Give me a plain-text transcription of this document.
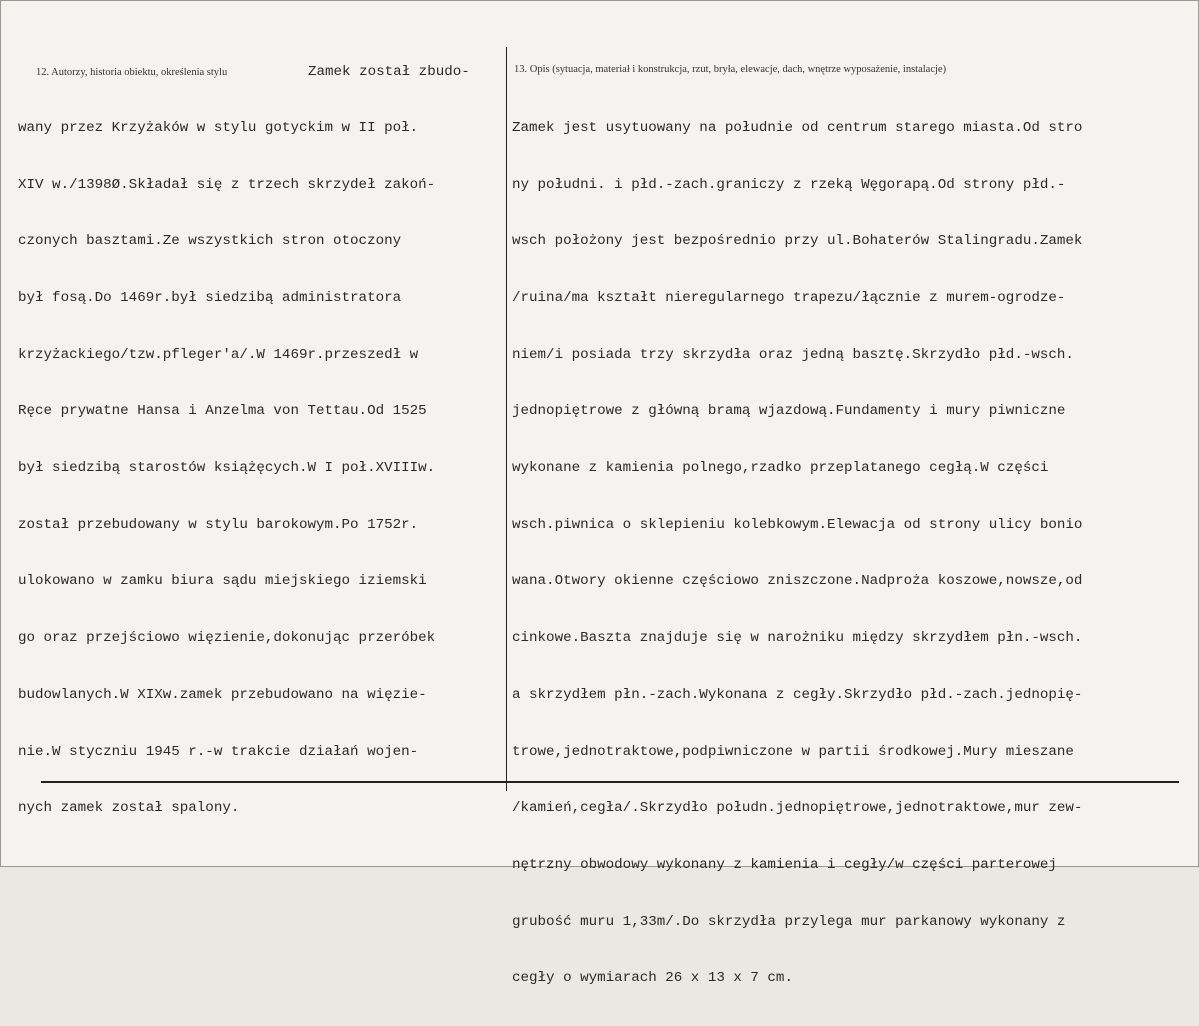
12. Autorzy, historia obiektu, określenia stylu	Zamek został zbudo-

wany przez Krzyżaków w stylu gotyckim w II poł.

XIV w./1398Ø.Składał się z trzech skrzydeł zakoń-

czonych basztami.Ze wszystkich stron otoczony

był fosą.Do 1469r.był siedzibą administratora

krzyżackiego/tzw.pfleger'a/.W 1469r.przeszedł w

Ręce prywatne Hansa i Anzelma von Tettau.Od 1525

był siedzibą starostów książęcych.W I poł.XVIIIw.

został przebudowany w stylu barokowym.Po 1752r.

ulokowano w zamku biura sądu miejskiego iziemski

go oraz przejściowo więzienie,dokonując przeróbek

budowlanych.W XIXw.zamek przebudowano na więzie-

nie.W styczniu 1945 r.-w trakcie działań wojen-

nych zamek został spalony.

13. Opis (sytuacja, materiał i konstrukcja, rzut, bryła, elewacje, dach, wnętrze wyposażenie, instalacje)

Zamek jest usytuowany na południe od centrum starego miasta.Od stro

ny południ. i płd.-zach.graniczy z rzeką Węgorapą.Od strony płd.-

wsch położony jest bezpośrednio przy ul.Bohaterów Stalingradu.Zamek

/ruina/ma kształt nieregularnego trapezu/łącznie z murem-ogrodze-

niem/i posiada trzy skrzydła oraz jedną basztę.Skrzydło płd.-wsch.

jednopiętrowe z główną bramą wjazdową.Fundamenty i mury piwniczne

wykonane z kamienia polnego,rzadko przeplatanego cegłą.W części

wsch.piwnica o sklepieniu kolebkowym.Elewacja od strony ulicy bonio

wana.Otwory okienne częściowo zniszczone.Nadproża koszowe,nowsze,od

cinkowe.Baszta znajduje się w narożniku między skrzydłem płn.-wsch.

a skrzydłem płn.-zach.Wykonana z cegły.Skrzydło płd.-zach.jednopię-

trowe,jednotraktowe,podpiwniczone w partii środkowej.Mury mieszane

/kamień,cegła/.Skrzydło połudn.jednopiętrowe,jednotraktowe,mur zew-

nętrzny obwodowy wykonany z kamienia i cegły/w części parterowej

grubość muru 1,33m/.Do skrzydła przylega mur parkanowy wykonany z

cegły o wymiarach 26 x 13 x 7 cm.
